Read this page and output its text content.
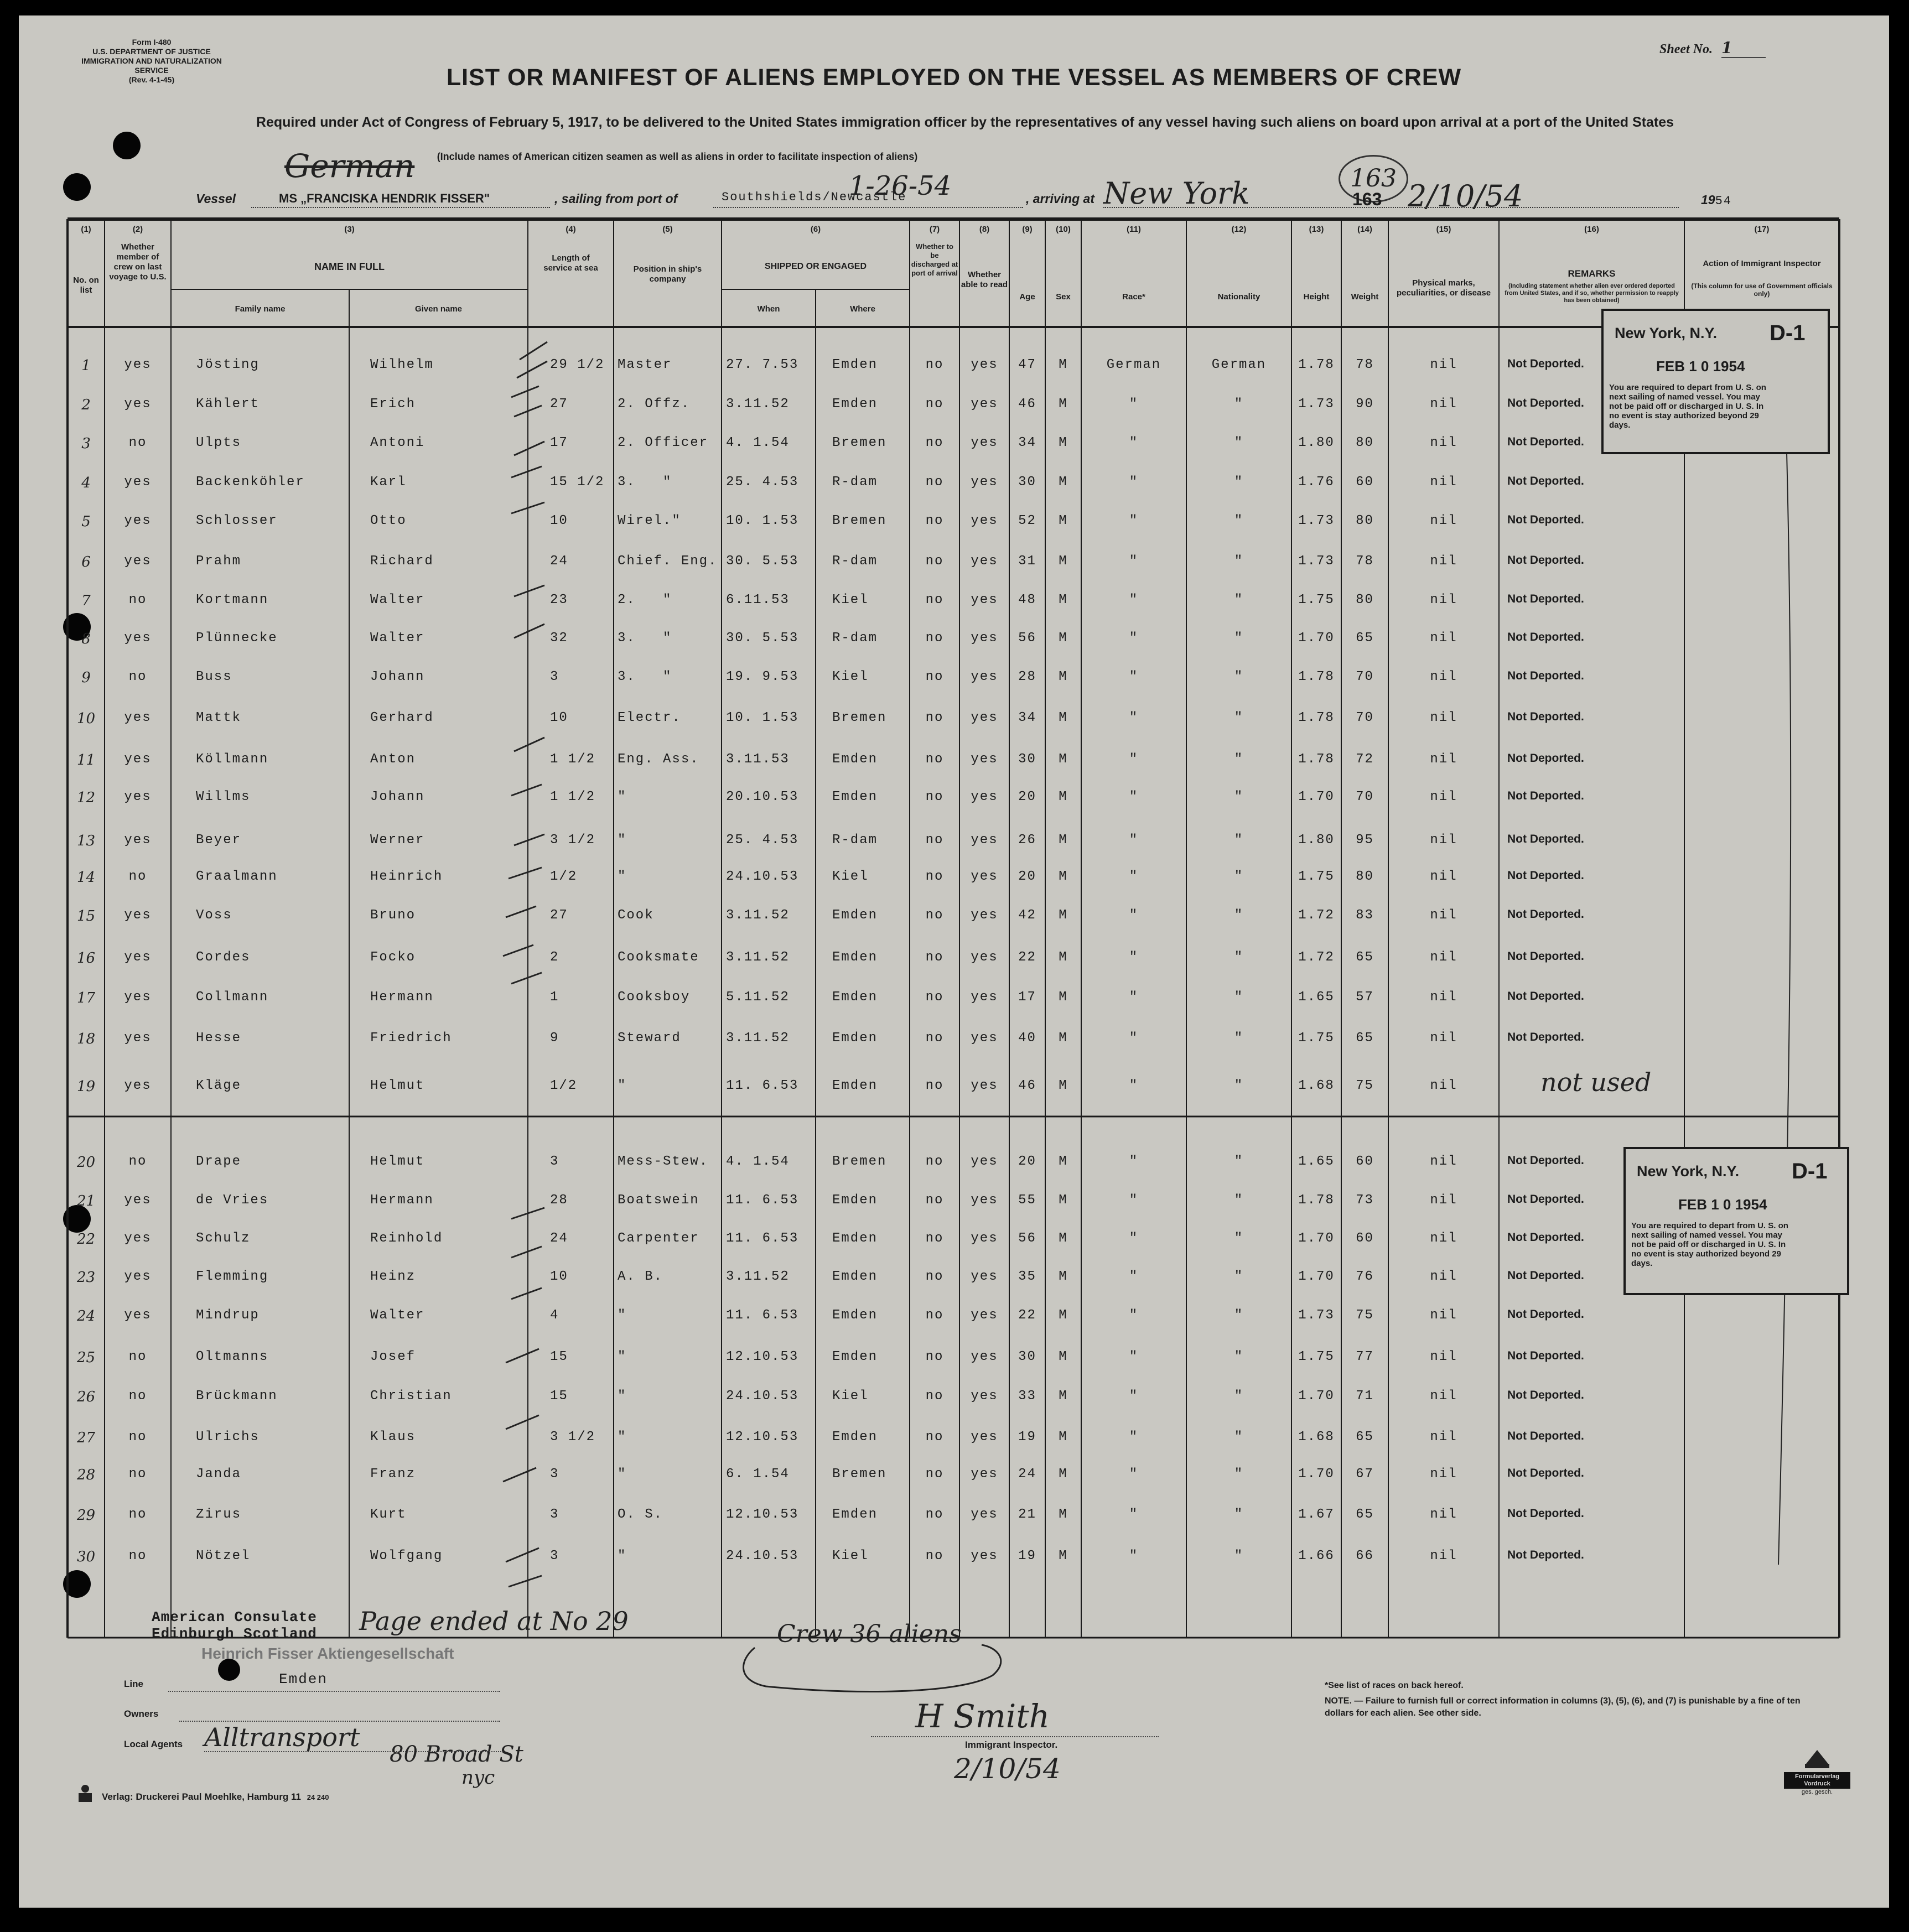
Form I-480
U.S. DEPARTMENT OF JUSTICE
IMMIGRATION AND NATURALIZATION SERVICE
(Rev. 4-1-45)
Sheet No. 1
LIST OR MANIFEST OF ALIENS EMPLOYED ON THE VESSEL AS MEMBERS OF CREW
Required under Act of Congress of February 5, 1917, to be delivered to the United States immigration officer by the representatives of any vessel having such aliens on board upon arrival at a port of the United States
(Include names of American citizen seamen as well as aliens in order to facilitate inspection of aliens)
Vessel
German
MS „FRANCISKA HENDRIK FISSER"	, sailing from port of	Southshields/Newcastle
1-26-54	, arriving at New York	163
163 2/10/54	1954
(1)
No. on list
(2)
Whether member of crew on last voyage to U.S.
(3)
NAME IN FULL
Family name	Given name
(4)
Length of service at sea
(5)
Position in ship's company
(6)
SHIPPED OR ENGAGED
When	Where
(7)
Whether to be discharged at port of arrival
(8)
Whether able to read
(9)
Age
(10)
Sex
(11)
Race*
(12)
Nationality
(13)
Height
(14)
Weight
(15)
Physical marks, peculiarities, or disease
(16)
REMARKS
(Including statement whether alien ever ordered deported from United States, and if so, whether permission to reapply has been obtained)
(17)
Action of Immigrant Inspector
(This column for use of Government officials only)
1	yes	Jösting	Wilhelm	29 1/2 Master	27. 7.53	Emden	no	yes	47	M	German	German	1.78	78	nil	Not Deported.
2	yes	Kählert	Erich	27	2. Offz.	3.11.52	Emden	no	yes	46	M	"	"	1.73	90	nil	Not Deported.
3	no	Ulpts	Antoni	17	2. Officer	4. 1.54	Bremen	no	yes	34	M	"	"	1.80	80	nil	Not Deported.
4	yes	Backenköhler	Karl	15 1/2 3.   "	25. 4.53	R-dam	no	yes	30	M	"	"	1.76	60	nil	Not Deported.
5	yes	Schlosser	Otto	10	Wirel."	10. 1.53	Bremen	no	yes	52	M	"	"	1.73	80	nil	Not Deported.
6	yes	Prahm	Richard	24	Chief. Eng. 30. 5.53	R-dam	no	yes	31	M	"	"	1.73	78	nil	Not Deported.
7	no	Kortmann	Walter	23	2.   "	6.11.53	Kiel	no	yes	48	M	"	"	1.75	80	nil	Not Deported.
8	yes	Plünnecke	Walter	32	3.   "	30. 5.53	R-dam	no	yes	56	M	"	"	1.70	65	nil	Not Deported.
9	no	Buss	Johann	3	3.   "	19. 9.53	Kiel	no	yes	28	M	"	"	1.78	70	nil	Not Deported.
10	yes	Mattk	Gerhard	10	Electr.	10. 1.53	Bremen	no	yes	34	M	"	"	1.78	70	nil	Not Deported.
11	yes	Köllmann	Anton	1 1/2	Eng. Ass.	3.11.53	Emden	no	yes	30	M	"	"	1.78	72	nil	Not Deported.
12	yes	Willms	Johann	1 1/2	"	20.10.53	Emden	no	yes	20	M	"	"	1.70	70	nil	Not Deported.
13	yes	Beyer	Werner	3 1/2	"	25. 4.53	R-dam	no	yes	26	M	"	"	1.80	95	nil	Not Deported.
14	no	Graalmann	Heinrich	1/2	"	24.10.53	Kiel	no	yes	20	M	"	"	1.75	80	nil	Not Deported.
15	yes	Voss	Bruno	27	Cook	3.11.52	Emden	no	yes	42	M	"	"	1.72	83	nil	Not Deported.
16	yes	Cordes	Focko	2	Cooksmate	3.11.52	Emden	no	yes	22	M	"	"	1.72	65	nil	Not Deported.
17	yes	Collmann	Hermann	1	Cooksboy	5.11.52	Emden	no	yes	17	M	"	"	1.65	57	nil	Not Deported.
18	yes	Hesse	Friedrich	9	Steward	3.11.52	Emden	no	yes	40	M	"	"	1.75	65	nil	Not Deported.
19	yes	Kläge	Helmut	1/2	"	11. 6.53	Emden	no	yes	46	M	"	"	1.68	75	nil	not used
20	no	Drape	Helmut	3	Mess-Stew.	4. 1.54	Bremen	no	yes	20	M	"	"	1.65	60	nil	Not Deported.
21	yes	de Vries	Hermann	28	Boatswein	11. 6.53	Emden	no	yes	55	M	"	"	1.78	73	nil	Not Deported.
22	yes	Schulz	Reinhold	24	Carpenter	11. 6.53	Emden	no	yes	56	M	"	"	1.70	60	nil	Not Deported.
23	yes	Flemming	Heinz	10	A. B.	3.11.52	Emden	no	yes	35	M	"	"	1.70	76	nil	Not Deported.
24	yes	Mindrup	Walter	4	"	11. 6.53	Emden	no	yes	22	M	"	"	1.73	75	nil	Not Deported.
25	no	Oltmanns	Josef	15	"	12.10.53	Emden	no	yes	30	M	"	"	1.75	77	nil	Not Deported.
26	no	Brückmann	Christian	15	"	24.10.53	Kiel	no	yes	33	M	"	"	1.70	71	nil	Not Deported.
27	no	Ulrichs	Klaus	3 1/2	"	12.10.53	Emden	no	yes	19	M	"	"	1.68	65	nil	Not Deported.
28	no	Janda	Franz	3	"	6. 1.54	Bremen	no	yes	24	M	"	"	1.70	67	nil	Not Deported.
29	no	Zirus	Kurt	3	O. S.	12.10.53	Emden	no	yes	21	M	"	"	1.67	65	nil	Not Deported.
30	no	Nötzel	Wolfgang	3	"	24.10.53	Kiel	no	yes	19	M	"	"	1.66	66	nil	Not Deported.
New York, N.Y. D-1
FEB 1 0 1954
You are required to depart from U. S. on next sailing of named vessel. You may not be paid off or discharged in U. S. In no event is stay authorized beyond 29 days.
New York, N.Y. D-1
FEB 1 0 1954
You are required to depart from U. S. on next sailing of named vessel. You may not be paid off or discharged in U. S. In no event is stay authorized beyond 29 days.
American Consulate
Edinburgh Scotland Page ended at No 29	Crew 36 aliens
Heinrich Fisser Aktiengesellschaft
Emden
Line
Owners
Local Agents Alltransport
80 Broad St
nyc
H Smith
Immigrant Inspector.
2/10/54
*See list of races on back hereof.
NOTE. — Failure to furnish full or correct information in columns (3), (5), (6), and (7) is punishable by a fine of ten dollars for each alien. See other side.
Verlag: Druckerei Paul Moehlke, Hamburg 11 24 240
Formularverlag Vordruck
ges. gesch.
